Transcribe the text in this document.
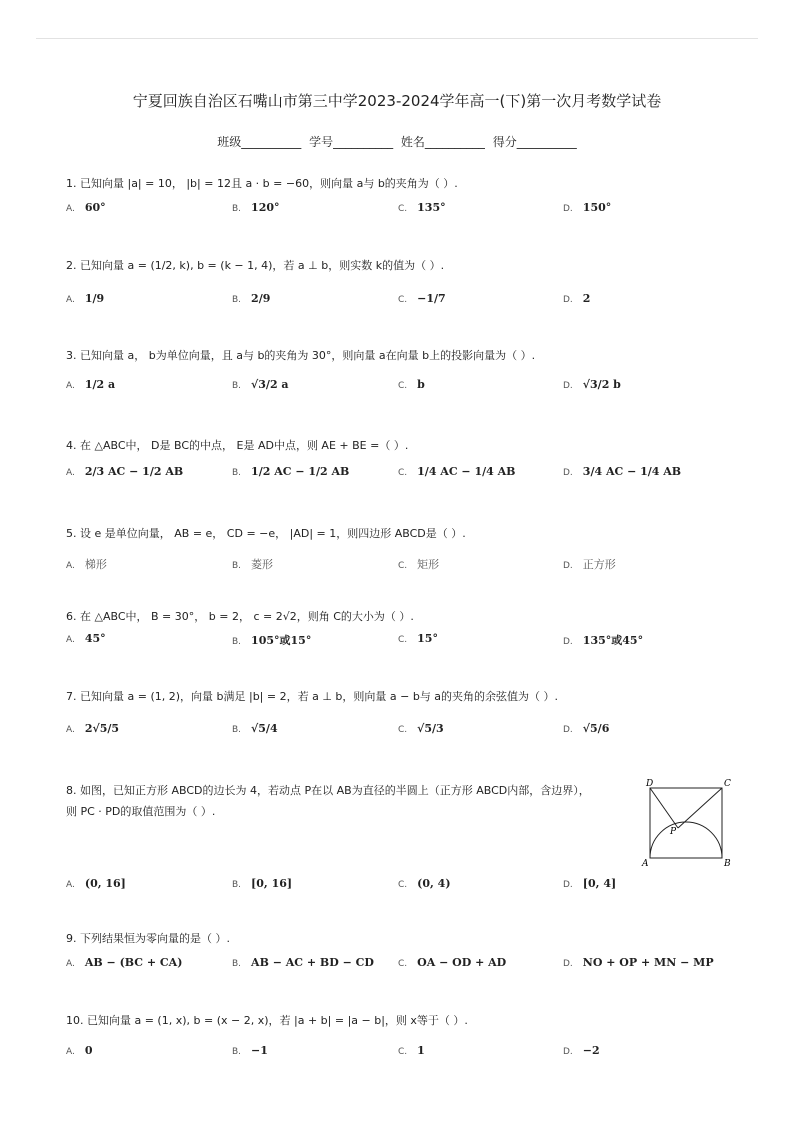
宁夏回族自治区石嘴山市第三中学2023-2024学年高一(下)第一次月考数学试卷
班级__________ 学号__________ 姓名__________ 得分__________
1. 已知向量 |a| = 10， |b| = 12且 a · b = −60，则向量 a与 b的夹角为（ ）.
A. 60°	B. 120°	C. 135°	D. 150°
2. 已知向量 a = (1/2, k), b = (k − 1, 4)，若 a ⊥ b，则实数 k的值为（ ）.
A. 1/9	B. 2/9	C. −1/7	D. 2
3. 已知向量 a， b为单位向量，且 a与 b的夹角为 30°，则向量 a在向量 b上的投影向量为（ ）.
A. 1/2 a	B. √3/2 a	C. b	D. √3/2 b
4. 在 △ABC中， D是 BC的中点， E是 AD中点，则 AE + BE =（ ）.
A. 2/3 AC − 1/2 AB	B. 1/2 AC − 1/2 AB	C. 1/4 AC − 1/4 AB	D. 3/4 AC − 1/4 AB
5. 设 e 是单位向量， AB = e， CD = −e， |AD| = 1，则四边形 ABCD是（ ）.
A. 梯形	B. 菱形	C. 矩形	D. 正方形
6. 在 △ABC中， B = 30°， b = 2， c = 2√2，则角 C的大小为（ ）.
A. 45°	B. 105°或15°	C. 15°	D. 135°或45°
7. 已知向量 a = (1, 2)，向量 b满足 |b| = 2，若 a ⊥ b，则向量 a − b与 a的夹角的余弦值为（ ）.
A. 2√5/5	B. √5/4	C. √5/3	D. √5/6
8. 如图，已知正方形 ABCD的边长为 4，若动点 P在以 AB为直径的半圆上（正方形 ABCD内部，含边界），
则 PC · PD的取值范围为（ ）.
D	C
P
A	B
A. (0, 16]	B. [0, 16]	C. (0, 4)	D. [0, 4]
9. 下列结果恒为零向量的是（ ）.
A. AB − (BC + CA)	B. AB − AC + BD − CD	C. OA − OD + AD	D. NO + OP + MN − MP
10. 已知向量 a = (1, x), b = (x − 2, x)，若 |a + b| = |a − b|，则 x等于（ ）.
A. 0	B. −1	C. 1	D. −2
